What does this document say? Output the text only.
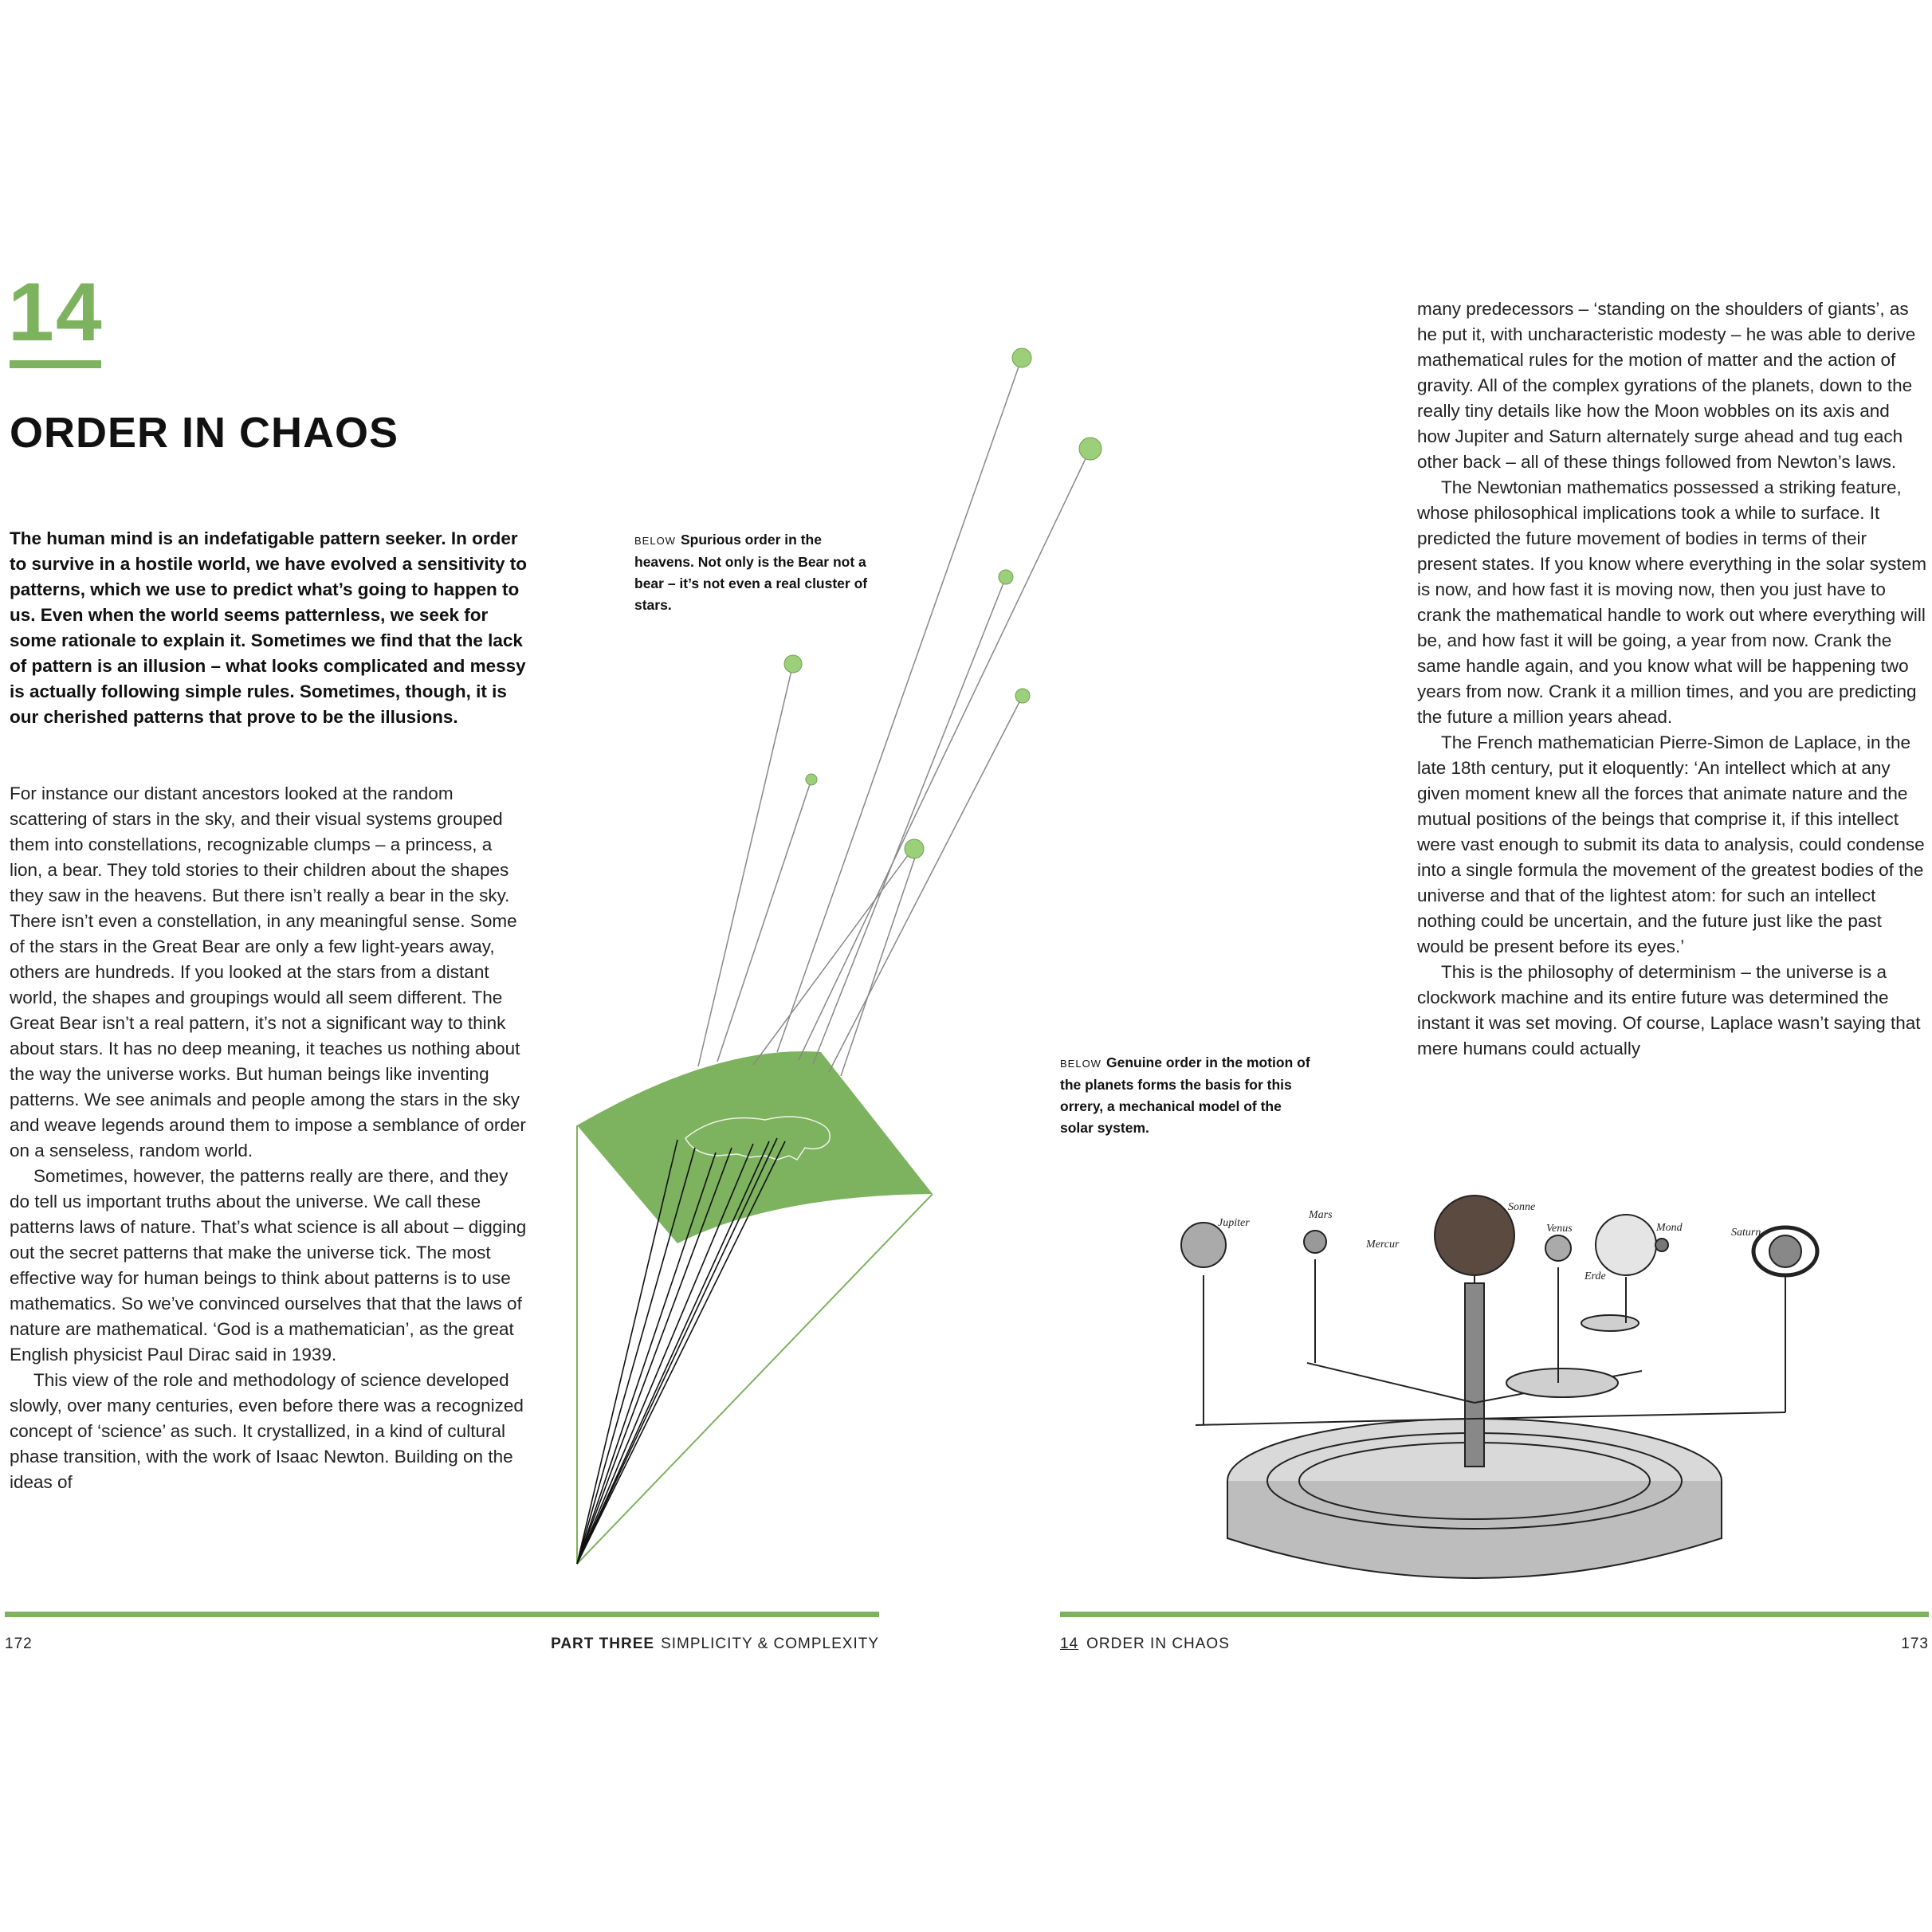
14
ORDER IN CHAOS
The human mind is an indefatigable pattern seeker. In order to survive in a hostile world, we have evolved a sensitivity to patterns, which we use to predict what’s going to happen to us. Even when the world seems patternless, we seek for some rationale to explain it. Sometimes we find that the lack of pattern is an illusion – what looks complicated and messy is actually following simple rules. Sometimes, though, it is our cherished patterns that prove to be the illusions.

For instance our distant ancestors looked at the random scattering of stars in the sky, and their visual systems grouped them into constellations, recognizable clumps – a princess, a lion, a bear. They told stories to their children about the shapes they saw in the heavens. But there isn’t really a bear in the sky. There isn’t even a constellation, in any meaningful sense. Some of the stars in the Great Bear are only a few light-years away, others are hundreds. If you looked at the stars from a distant world, the shapes and groupings would all seem different. The Great Bear isn’t a real pattern, it’s not a significant way to think about stars. It has no deep meaning, it teaches us nothing about the way the universe works. But human beings like inventing patterns. We see animals and people among the stars in the sky and weave legends around them to impose a semblance of order on a senseless, random world.

Sometimes, however, the patterns really are there, and they do tell us important truths about the universe. We call these patterns laws of nature. That’s what science is all about – digging out the secret patterns that make the universe tick. The most effective way for human beings to think about patterns is to use mathematics. So we’ve convinced ourselves that that the laws of nature are mathematical. ‘God is a mathematician’, as the great English physicist Paul Dirac said in 1939.

This view of the role and methodology of science developed slowly, over many centuries, even before there was a recognized concept of ‘science’ as such. It crystallized, in a kind of cultural phase transition, with the work of Isaac Newton. Building on the ideas of

BELOW Spurious order in the heavens. Not only is the Bear not a bear – it’s not even a real cluster of stars.

many predecessors – ‘standing on the shoulders of giants’, as he put it, with uncharacteristic modesty – he was able to derive mathematical rules for the motion of matter and the action of gravity. All of the complex gyrations of the planets, down to the really tiny details like how the Moon wobbles on its axis and how Jupiter and Saturn alternately surge ahead and tug each other back – all of these things followed from Newton’s laws.

The Newtonian mathematics possessed a striking feature, whose philosophical implications took a while to surface. It predicted the future movement of bodies in terms of their present states. If you know where everything in the solar system is now, and how fast it is moving now, then you just have to crank the mathematical handle to work out where everything will be, and how fast it will be going, a year from now. Crank the same handle again, and you know what will be happening two years from now. Crank it a million times, and you are predicting the future a million years ahead.

The French mathematician Pierre-Simon de Laplace, in the late 18th century, put it eloquently: ‘An intellect which at any given moment knew all the forces that animate nature and the mutual positions of the beings that comprise it, if this intellect were vast enough to submit its data to analysis, could condense into a single formula the movement of the greatest bodies of the universe and that of the lightest atom: for such an intellect nothing could be uncertain, and the future just like the past would be present before its eyes.’

This is the philosophy of determinism – the universe is a clockwork machine and its entire future was determined the instant it was set moving. Of course, Laplace wasn’t saying that mere humans could actually

BELOW Genuine order in the motion of the planets forms the basis for this orrery, a mechanical model of the solar system.
Jupiter
Mars
Mercur
Sonne
Venus	Mond
Erde
Saturn
172	PART THREE SIMPLICITY & COMPLEXITY	14 ORDER IN CHAOS	173
